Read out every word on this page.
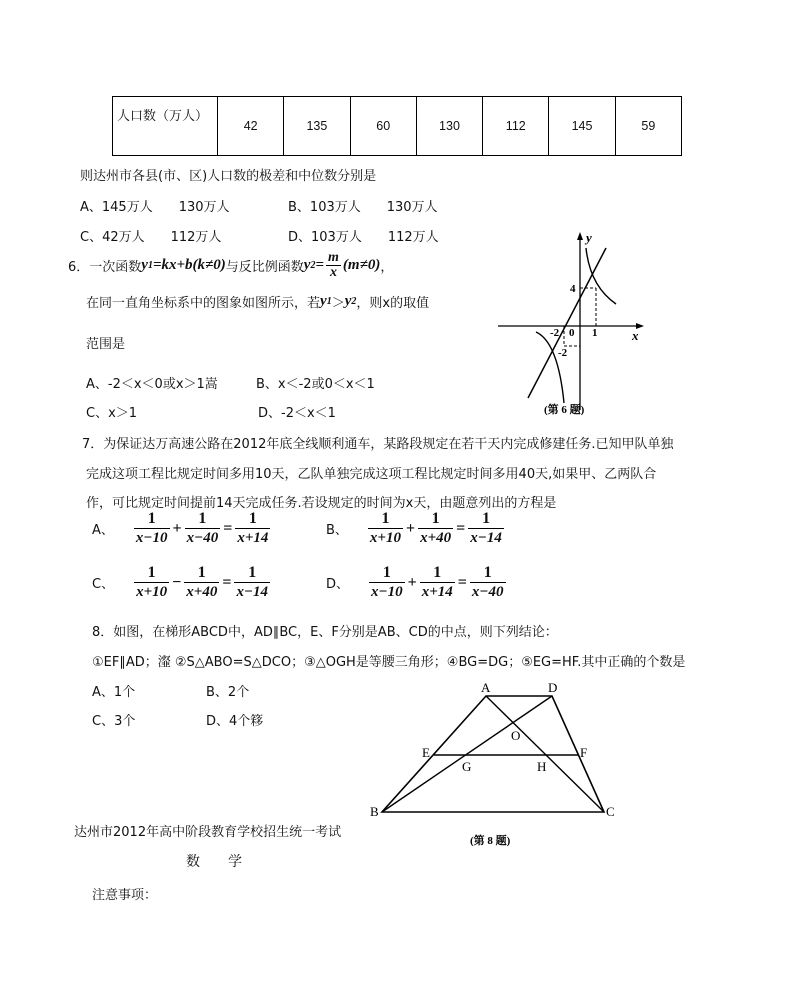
人口数（万人）	42	135	60	130	112	145	59
则达州市各县(市、区)人口数的极差和中位数分别是
A、145万人　　130万人	B、103万人　　130万人
C、42万人　　112万人	D、103万人　　112万人
6．一次函数 y 1 =kx+b(k≠0) 与反比例函数 y $2 = \frac{m}{x} (m\ne 0)$ ，
在同一直角坐标系中的图象如图所示，若 y 1 ＞ y 2 ，则x的取值
范围是
A、-2＜x＜0或x＞1嵩	B、x＜-2或0＜x＜1
C、x＞1	D、-2＜x＜1
y
x
4
-2 0 1
-2
(第 6 题)
7．为保证达万高速公路在2012年底全线顺利通车，某路段规定在若干天内完成修建任务.已知甲队单独
完成这项工程比规定时间多用10天，乙队单独完成这项工程比规定时间多用40天,如果甲、乙两队合
作，可比规定时间提前14天完成任务.若设规定的时间为x天，由题意列出的方程是
A、 $\frac{1}{x-10} + \frac{1}{x-40} = \frac{1}{x+14}$	B、 $\frac{1}{x+10} + \frac{1}{x+40} = \frac{1}{x-14}$
C、 $\frac{1}{x+10} - \frac{1}{x+40} = \frac{1}{x-14}$	D、 $\frac{1}{x-10} + \frac{1}{x+14} = \frac{1}{x-40}$
8．如图，在梯形ABCD中，AD∥BC，E、F分别是AB、CD的中点，则下列结论：
①EF∥AD；瀣 ②S△ABO=S△DCO；③△OGH是等腰三角形；④BG=DG；⑤EG=HF.其中正确的个数是
A、1个	B、2个
C、3个	D、4个簃
A	D
O
E	F
G	H
B	C
(第 8 题)
达州市2012年高中阶段教育学校招生统一考试
数　　学
注意事项：
